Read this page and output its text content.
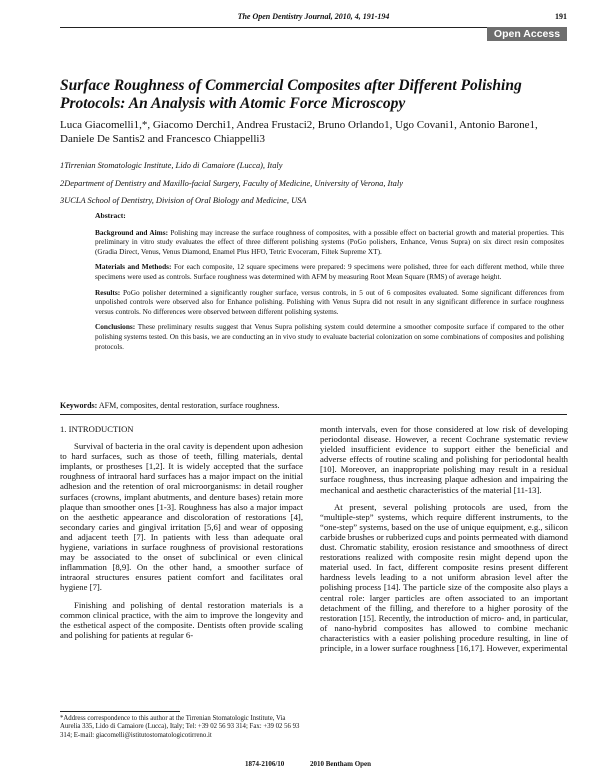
The Open Dentistry Journal, 2010, 4, 191-194	191
Open Access
Surface Roughness of Commercial Composites after Different Polishing Protocols: An Analysis with Atomic Force Microscopy
Luca Giacomelli1,*, Giacomo Derchi1, Andrea Frustaci2, Bruno Orlando1, Ugo Covani1, Antonio Barone1, Daniele De Santis2 and Francesco Chiappelli3
1Tirrenian Stomatologic Institute, Lido di Camaiore (Lucca), Italy
2Department of Dentistry and Maxillo-facial Surgery, Faculty of Medicine, University of Verona, Italy
3UCLA School of Dentistry, Division of Oral Biology and Medicine, USA
Abstract:

Background and Aims: Polishing may increase the surface roughness of composites, with a possible effect on bacterial growth and material properties. This preliminary in vitro study evaluates the effect of three different polishing systems (PoGo polishers, Enhance, Venus Supra) on six direct resin composites (Gradia Direct, Venus, Venus Diamond, Enamel Plus HFO, Tetric Evoceram, Filtek Supreme XT).

Materials and Methods: For each composite, 12 square specimens were prepared: 9 specimens were polished, three for each different method, while three specimens were used as controls. Surface roughness was determined with AFM by measuring Root Mean Square (RMS) of average height.

Results: PoGo polisher determined a significantly rougher surface, versus controls, in 5 out of 6 composites evaluated. Some significant differences from unpolished controls were observed also for Enhance polishing. Polishing with Venus Supra did not result in any significant difference in surface roughness versus controls. No differences were observed between different polishing systems.

Conclusions: These preliminary results suggest that Venus Supra polishing system could determine a smoother composite surface if compared to the other polishing systems tested. On this basis, we are conducting an in vivo study to evaluate bacterial colonization on some combinations of composites and polishing protocols.

Keywords: AFM, composites, dental restoration, surface roughness.
1. INTRODUCTION

Survival of bacteria in the oral cavity is dependent upon adhesion to hard surfaces, such as those of teeth, filling materials, dental implants, or prostheses [1,2]. It is widely accepted that the surface roughness of intraoral hard surfaces has a major impact on the initial adhesion and the retention of oral microorganisms: in detail rougher surfaces (crowns, implant abutments, and denture bases) retain more plaque than smoother ones [1-3]. Roughness has also a major impact on the aesthetic appearance and discoloration of restorations [4], secondary caries and gingival irritation [5,6] and wear of opposing and adjacent teeth [7]. In patients with less than adequate oral hygiene, variations in surface roughness of provisional restorations may be associated to the onset of subclinical or even clinical inflammation [8,9]. On the other hand, a smoother surface of intraoral structures ensures patient comfort and facilitates oral hygiene [7].

Finishing and polishing of dental restoration materials is a common clinical practice, with the aim to improve the longevity and the esthetical aspect of the composite. Dentists often provide scaling and polishing for patients at regular 6-

month intervals, even for those considered at low risk of developing periodontal disease. However, a recent Cochrane systematic review yielded insufficient evidence to support either the beneficial and adverse effects of routine scaling and polishing for periodontal health [10]. Moreover, an inappropriate polishing may result in a residual surface roughness, thus increasing plaque adhesion and impairing the mechanical and aesthetic characteristics of the material [11-13].

At present, several polishing protocols are used, from the “multiple-step” systems, which require different instruments, to the “one-step” systems, based on the use of unique equipment, e.g., silicon carbide brushes or rubberized cups and points permeated with diamond dust. Chromatic stability, erosion resistance and smoothness of direct restorations realized with composite resin might depend upon the material used. In fact, different composite resins present different hardness levels leading to a not uniform abrasion level after the polishing process [14]. The particle size of the composite also plays a central role: larger particles are often associated to an important detachment of the filling, and therefore to a higher porosity of the restoration [15]. Recently, the introduction of micro- and, in particular, of nano-hybrid composites has allowed to combine mechanic characteristics with a easier polishing procedure resulting, in line of principle, in a lower surface roughness [16,17]. However, experimental

*Address correspondence to this author at the Tirrenian Stomatologic Institute, Via Aurelia 335, Lido di Camaiore (Lucca), Italy; Tel: +39 02 56 93 314; Fax: +39 02 56 93 314; E-mail: giacomelli@istitutostomatologicotirreno.it
1874-2106/10	2010 Bentham Open
